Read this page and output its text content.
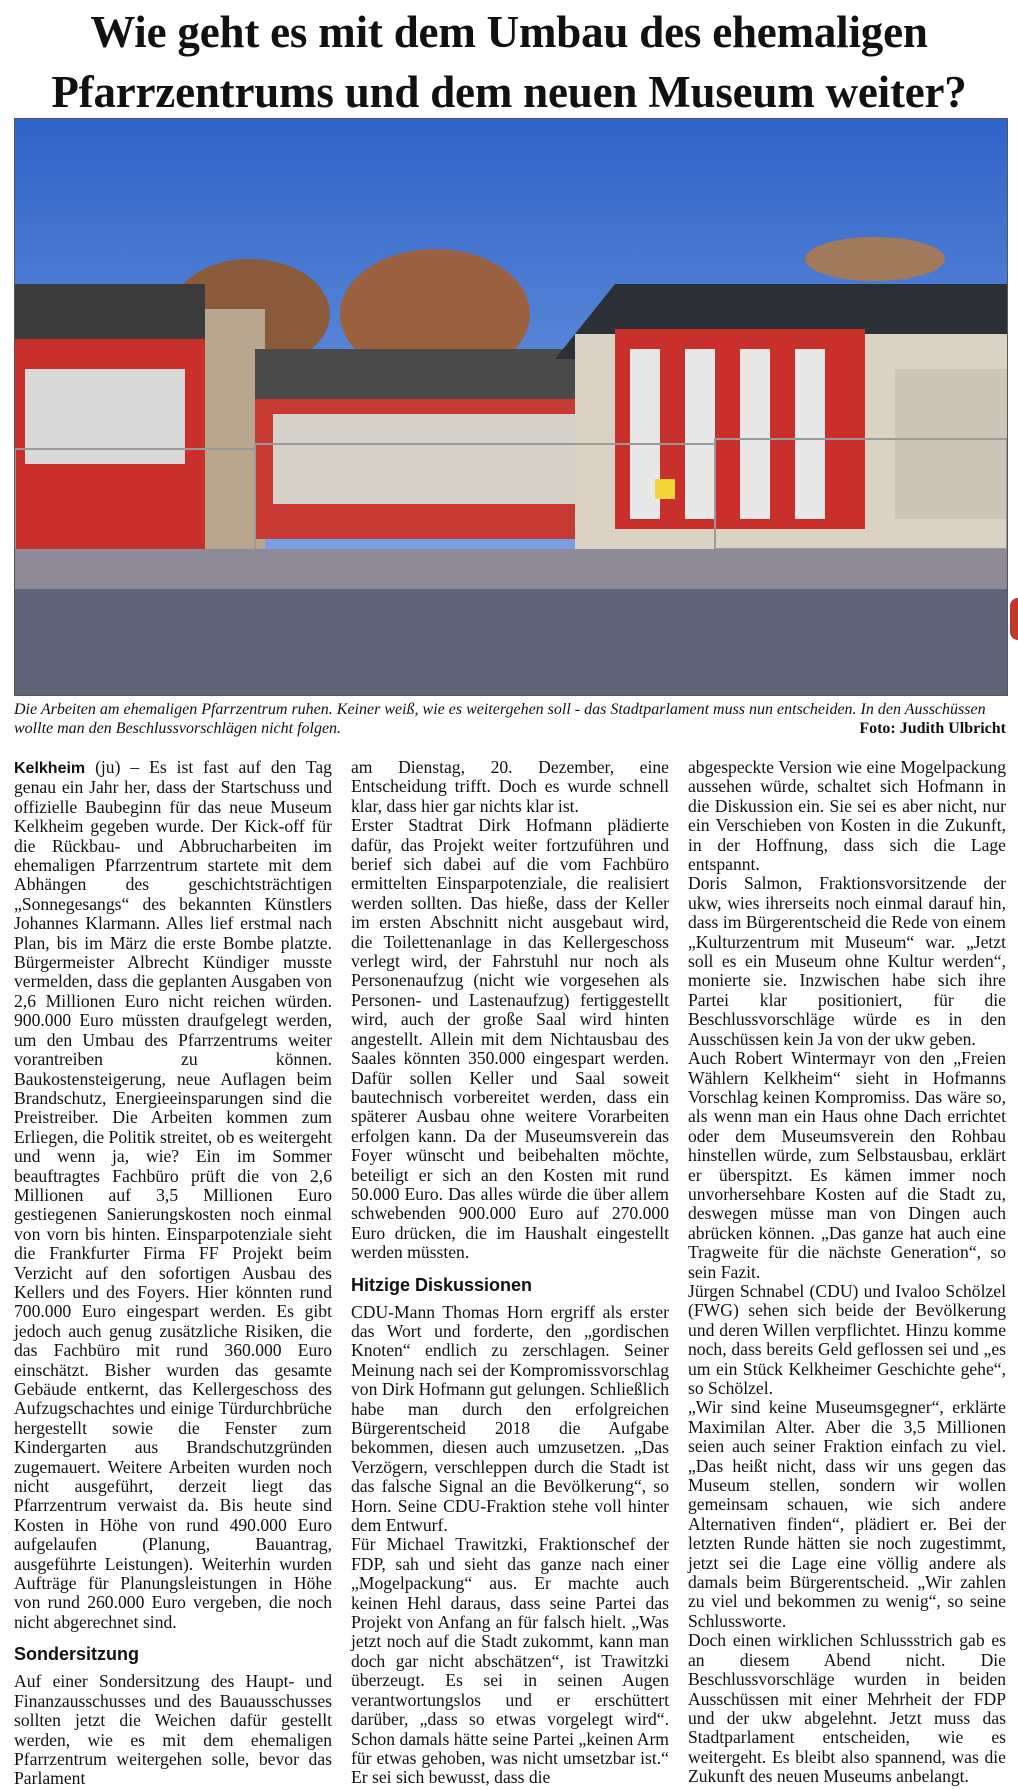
Wie geht es mit dem Umbau des ehemaligen Pfarrzentrums und dem neuen Museum weiter?
Die Arbeiten am ehemaligen Pfarrzentrum ruhen. Keiner weiß, wie es weitergehen soll - das Stadtparlament muss nun entscheiden. In den Ausschüssen wollte man den Beschlussvorschlägen nicht folgen.	Foto: Judith Ulbricht

Kelkheim (ju) – Es ist fast auf den Tag genau ein Jahr her, dass der Startschuss und offizielle Baubeginn für das neue Museum Kelkheim gegeben wurde. Der Kick-off für die Rückbau- und Abbrucharbeiten im ehemaligen Pfarrzentrum startete mit dem Abhängen des geschichtsträchtigen „Sonnegesangs“ des bekannten Künstlers Johannes Klarmann. Alles lief erstmal nach Plan, bis im März die erste Bombe platzte. Bürgermeister Albrecht Kündiger musste vermelden, dass die geplanten Ausgaben von 2,6 Millionen Euro nicht reichen würden. 900.000 Euro müssten draufgelegt werden, um den Umbau des Pfarrzentrums weiter vorantreiben zu können. Baukostensteigerung, neue Auflagen beim Brandschutz, Energieeinsparungen sind die Preistreiber. Die Arbeiten kommen zum Erliegen, die Politik streitet, ob es weitergeht und wenn ja, wie? Ein im Sommer beauftragtes Fachbüro prüft die von 2,6 Millionen auf 3,5 Millionen Euro gestiegenen Sanierungskosten noch einmal von vorn bis hinten. Einsparpotenziale sieht die Frankfurter Firma FF Projekt beim Verzicht auf den sofortigen Ausbau des Kellers und des Foyers. Hier könnten rund 700.000 Euro eingespart werden. Es gibt jedoch auch genug zusätzliche Risiken, die das Fachbüro mit rund 360.000 Euro einschätzt. Bisher wurden das gesamte Gebäude entkernt, das Kellergeschoss des Aufzugschachtes und einige Türdurchbrüche hergestellt sowie die Fenster zum Kindergarten aus Brandschutzgründen zugemauert. Weitere Arbeiten wurden noch nicht ausgeführt, derzeit liegt das Pfarrzentrum verwaist da. Bis heute sind Kosten in Höhe von rund 490.000 Euro aufgelaufen (Planung, Bauantrag, ausgeführte Leistungen). Weiterhin wurden Aufträge für Planungsleistungen in Höhe von rund 260.000 Euro vergeben, die noch nicht abgerechnet sind.

Sondersitzung

Auf einer Sondersitzung des Haupt- und Finanzausschusses und des Bauausschusses sollten jetzt die Weichen dafür gestellt werden, wie es mit dem ehemaligen Pfarrzentrum weitergehen solle, bevor das Parlament

am Dienstag, 20. Dezember, eine Entscheidung trifft. Doch es wurde schnell klar, dass hier gar nichts klar ist.

Erster Stadtrat Dirk Hofmann plädierte dafür, das Projekt weiter fortzuführen und berief sich dabei auf die vom Fachbüro ermittelten Einsparpotenziale, die realisiert werden sollten. Das hieße, dass der Keller im ersten Abschnitt nicht ausgebaut wird, die Toilettenanlage in das Kellergeschoss verlegt wird, der Fahrstuhl nur noch als Personenaufzug (nicht wie vorgesehen als Personen- und Lastenaufzug) fertiggestellt wird, auch der große Saal wird hinten angestellt. Allein mit dem Nichtausbau des Saales könnten 350.000 eingespart werden. Dafür sollen Keller und Saal soweit bautechnisch vorbereitet werden, dass ein späterer Ausbau ohne weitere Vorarbeiten erfolgen kann. Da der Museumsverein das Foyer wünscht und beibehalten möchte, beteiligt er sich an den Kosten mit rund 50.000 Euro. Das alles würde die über allem schwebenden 900.000 Euro auf 270.000 Euro drücken, die im Haushalt eingestellt werden müssten.

Hitzige Diskussionen

CDU-Mann Thomas Horn ergriff als erster das Wort und forderte, den „gordischen Knoten“ endlich zu zerschlagen. Seiner Meinung nach sei der Kompromissvorschlag von Dirk Hofmann gut gelungen. Schließlich habe man durch den erfolgreichen Bürgerentscheid 2018 die Aufgabe bekommen, diesen auch umzusetzen. „Das Verzögern, verschleppen durch die Stadt ist das falsche Signal an die Bevölkerung“, so Horn. Seine CDU-Fraktion stehe voll hinter dem Entwurf.

Für Michael Trawitzki, Fraktionschef der FDP, sah und sieht das ganze nach einer „Mogelpackung“ aus. Er machte auch keinen Hehl daraus, dass seine Partei das Projekt von Anfang an für falsch hielt. „Was jetzt noch auf die Stadt zukommt, kann man doch gar nicht abschätzen“, ist Trawitzki überzeugt. Es sei in seinen Augen verantwortungslos und er erschüttert darüber, „dass so etwas vorgelegt wird“. Schon damals hätte seine Partei „keinen Arm für etwas gehoben, was nicht umsetzbar ist.“ Er sei sich bewusst, dass die

abgespeckte Version wie eine Mogelpackung aussehen würde, schaltet sich Hofmann in die Diskussion ein. Sie sei es aber nicht, nur ein Verschieben von Kosten in die Zukunft, in der Hoffnung, dass sich die Lage entspannt.

Doris Salmon, Fraktionsvorsitzende der ukw, wies ihrerseits noch einmal darauf hin, dass im Bürgerentscheid die Rede von einem „Kulturzentrum mit Museum“ war. „Jetzt soll es ein Museum ohne Kultur werden“, monierte sie. Inzwischen habe sich ihre Partei klar positioniert, für die Beschlussvorschläge würde es in den Ausschüssen kein Ja von der ukw geben.

Auch Robert Wintermayr von den „Freien Wählern Kelkheim“ sieht in Hofmanns Vorschlag keinen Kompromiss. Das wäre so, als wenn man ein Haus ohne Dach errichtet oder dem Museumsverein den Rohbau hinstellen würde, zum Selbstausbau, erklärt er überspitzt. Es kämen immer noch unvorhersehbare Kosten auf die Stadt zu, deswegen müsse man von Dingen auch abrücken können. „Das ganze hat auch eine Tragweite für die nächste Generation“, so sein Fazit.

Jürgen Schnabel (CDU) und Ivaloo Schölzel (FWG) sehen sich beide der Bevölkerung und deren Willen verpflichtet. Hinzu komme noch, dass bereits Geld geflossen sei und „es um ein Stück Kelkheimer Geschichte gehe“, so Schölzel.

„Wir sind keine Museumsgegner“, erklärte Maximilan Alter. Aber die 3,5 Millionen seien auch seiner Fraktion einfach zu viel. „Das heißt nicht, dass wir uns gegen das Museum stellen, sondern wir wollen gemeinsam schauen, wie sich andere Alternativen finden“, plädiert er. Bei der letzten Runde hätten sie noch zugestimmt, jetzt sei die Lage eine völlig andere als damals beim Bürgerentscheid. „Wir zahlen zu viel und bekommen zu wenig“, so seine Schlussworte.

Doch einen wirklichen Schlussstrich gab es an diesem Abend nicht. Die Beschlussvorschläge wurden in beiden Ausschüssen mit einer Mehrheit der FDP und der ukw abgelehnt. Jetzt muss das Stadtparlament entscheiden, wie es weitergeht. Es bleibt also spannend, was die Zukunft des neuen Museums anbelangt.
